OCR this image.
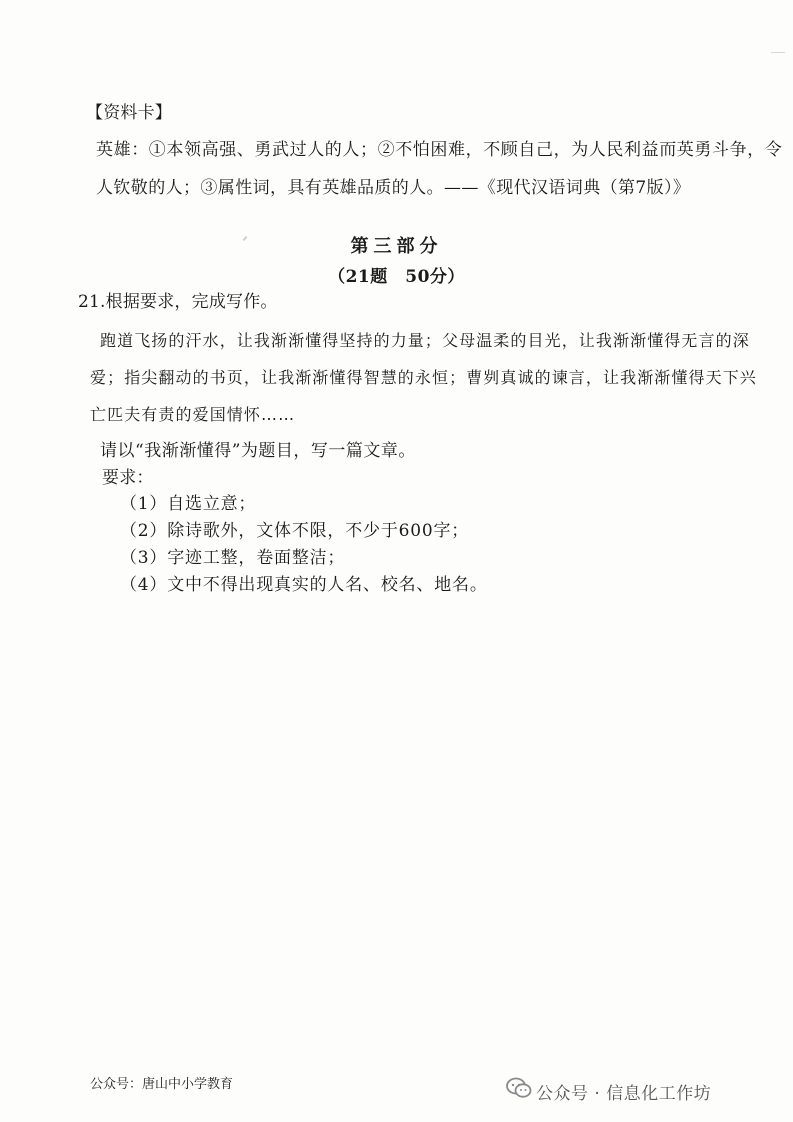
【资料卡】
英雄：①本领高强、勇武过人的人；②不怕困难，不顾自己，为人民利益而英勇斗争，令
人钦敬的人；③属性词，具有英雄品质的人。——《现代汉语词典（第7版）》
第三部分
（21题　50分）
21.根据要求，完成写作。
跑道飞扬的汗水，让我渐渐懂得坚持的力量；父母温柔的目光，让我渐渐懂得无言的深爱；指尖翻动的书页，让我渐渐懂得智慧的永恒；曹刿真诚的谏言，让我渐渐懂得天下兴亡匹夫有责的爱国情怀……
请以“我渐渐懂得”为题目，写一篇文章。
要求：
（1）自选立意；
（2）除诗歌外，文体不限，不少于600字；
（3）字迹工整，卷面整洁；
（4）文中不得出现真实的人名、校名、地名。
公众号：唐山中小学教育	公众号 · 信息化工作坊
